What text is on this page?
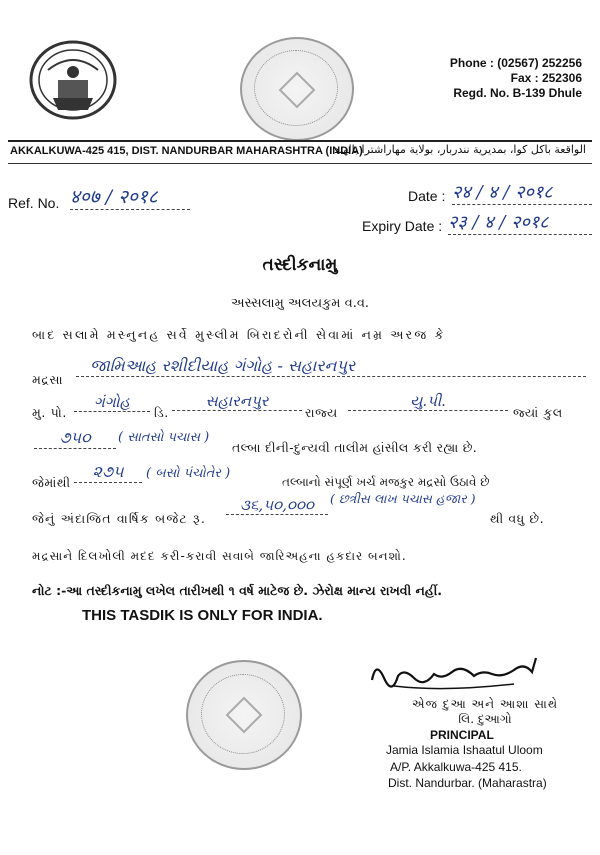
Phone : (02567) 252256
Fax : 252306
Regd. No. B-139 Dhule
AKKALKUWA-425 415, DIST. NANDURBAR MAHARASHTRA (INDIA)
الواقعة باكل كوا، بمديرية نندربار، بولاية مهاراشترا بالهند
Ref. No. ४०७ / २०१८	Date : २४ / ४ / २०१८
Expiry Date : २३ / ४ / २०१८
તસ્દીકનામુ
અસ્સલામુ અલયકુમ વ.વ.
બાદ સલામે મસ્નુનહ સર્વે મુસ્લીમ બિરાદરોની સેવામાં નમ્ર અરજ કે
મદ્રસા
જામિઆહ રશીદીયાહ ગંગોહ - સહારનપુર
મુ. પો.
ગંગોહ
ડિ.
સહારનપુર
રાજ્ય
યુ.પી.
જ્યાં કુલ
૭૫૦	( સાતસો પચાસ )
તલ્બા દીની-દુન્યવી તાલીમ હાંસીલ કરી રહ્યા છે.
જેમાંથી
૨૭૫	( બસો પંચોતેર )
તલ્બાનો સંપૂર્ણ ખર્ચ મજકુર મદ્રસો ઉઠાવે છે
જેનું અંદાજિત વાર્ષિક બજેટ રૂ.
૩૬,૫૦,૦૦૦	( છત્રીસ લાખ પચાસ હજાર )
થી વધુ છે.
મદ્રસાને દિલખોલી મદદ કરી-કરાવી સવાબે જારિઅહના હકદાર બનશો.
નોટ :-આ તસ્દીકનામુ લખેલ તારીખથી ૧ વર્ષ માટેજ છે. ઝેરોક્ષ માન્ય રાખવી નહીં.
THIS TASDIK IS ONLY FOR INDIA.
એજ દુઆ અને આશા સાથે
લિ. દુઆગો
PRINCIPAL
Jamia Islamia Ishaatul Uloom
A/P. Akkalkuwa-425 415.
Dist. Nandurbar. (Maharastra)
